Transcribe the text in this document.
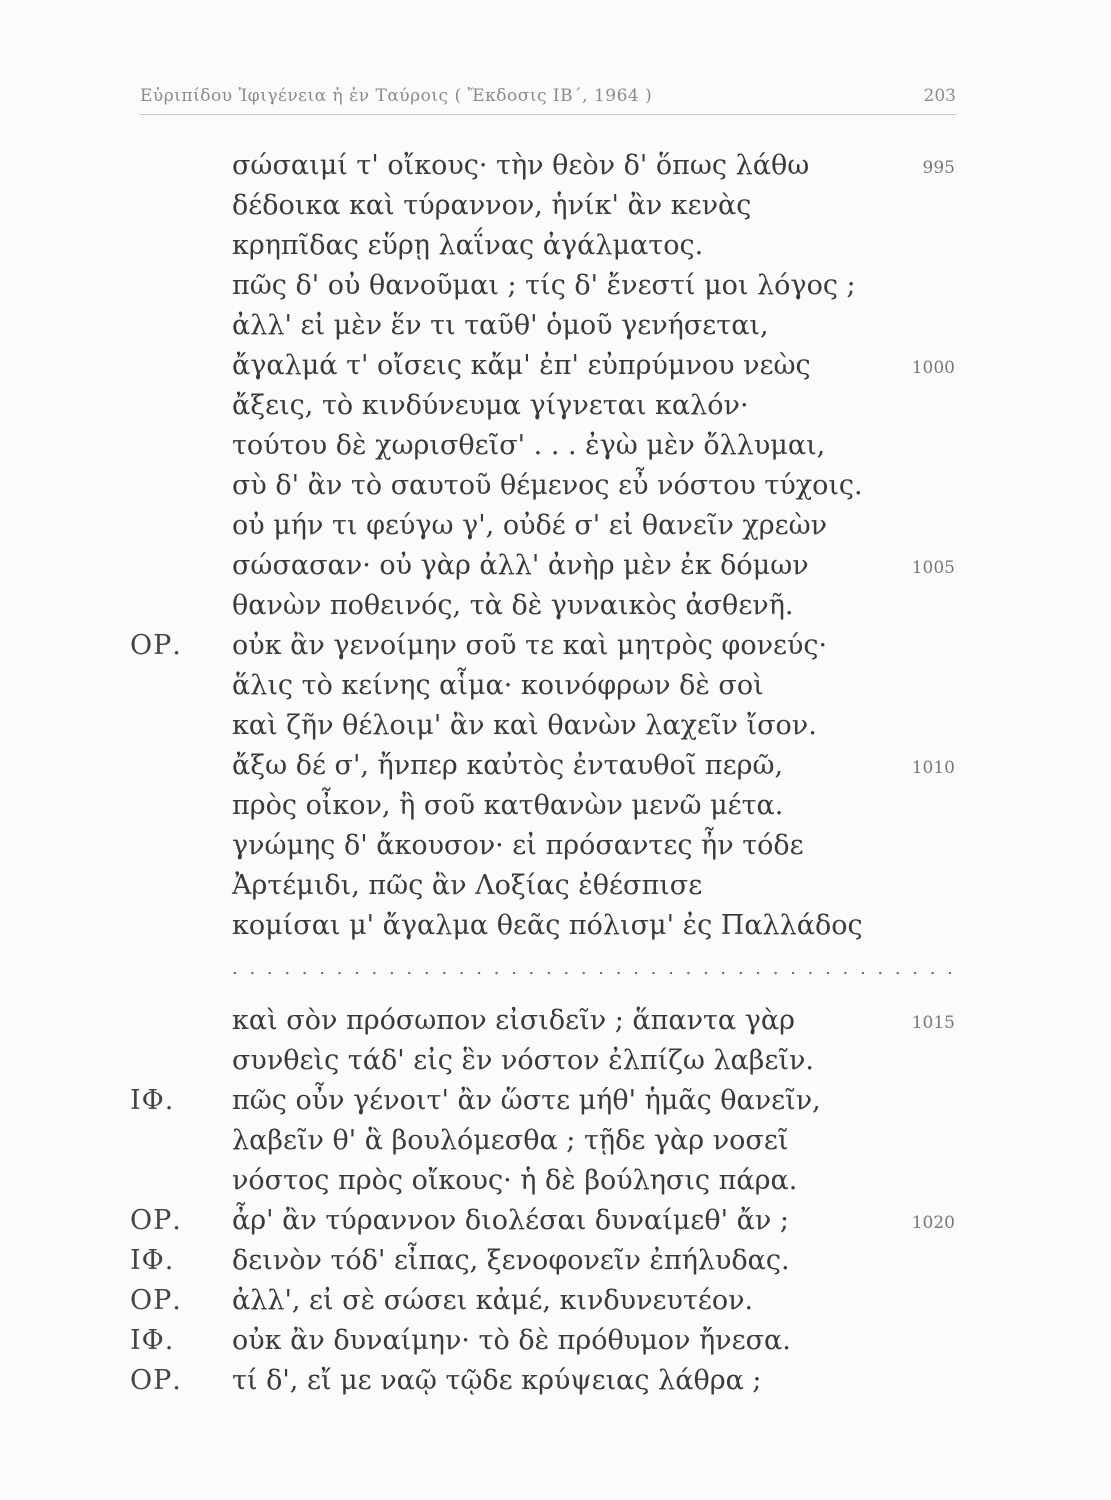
Εὐριπίδου Ἰφιγένεια ἡ ἐν Ταύροις ( Ἔκδοσις ΙΒ΄, 1964 )	203
σώσαιμί τ' οἴκους· τὴν θεὸν δ' ὅπως λάθω	995
δέδοικα καὶ τύραννον, ἡνίκ' ἂν κενὰς
κρηπῖδας εὕρῃ λαΐνας ἀγάλματος.
πῶς δ' οὐ θανοῦμαι ; τίς δ' ἔνεστί μοι λόγος ;
ἀλλ' εἰ μὲν ἕν τι ταῦθ' ὁμοῦ γενήσεται,
ἄγαλμά τ' οἴσεις κἄμ' ἐπ' εὐπρύμνου νεὼς	1000
ἄξεις, τὸ κινδύνευμα γίγνεται καλόν·
τούτου δὲ χωρισθεῖσ' . . . ἐγὼ μὲν ὄλλυμαι,
σὺ δ' ἂν τὸ σαυτοῦ θέμενος εὖ νόστου τύχοις.
οὐ μήν τι φεύγω γ', οὐδέ σ' εἰ θανεῖν χρεὼν
σώσασαν· οὐ γὰρ ἀλλ' ἀνὴρ μὲν ἐκ δόμων	1005
θανὼν ποθεινός, τὰ δὲ γυναικὸς ἀσθενῆ.
ΟΡ. οὐκ ἂν γενοίμην σοῦ τε καὶ μητρὸς φονεύς·
ἅλις τὸ κείνης αἷμα· κοινόφρων δὲ σοὶ
καὶ ζῆν θέλοιμ' ἂν καὶ θανὼν λαχεῖν ἴσον.
ἄξω δέ σ', ἤνπερ καὐτὸς ἐνταυθοῖ περῶ,	1010
πρὸς οἶκον, ἢ σοῦ κατθανὼν μενῶ μέτα.
γνώμης δ' ἄκουσον· εἰ πρόσαντες ἦν τόδε
Ἀρτέμιδι, πῶς ἂν Λοξίας ἐθέσπισε
κομίσαι μ' ἄγαλμα θεᾶς πόλισμ' ἐς Παλλάδος
. . . . . . . . . . . . . . . . . . . . . . . . . . . . . . . . . . . . . . . . . .
καὶ σὸν πρόσωπον εἰσιδεῖν ; ἅπαντα γὰρ	1015
συνθεὶς τάδ' εἰς ἓν νόστον ἐλπίζω λαβεῖν.
ΙΦ. πῶς οὖν γένοιτ' ἂν ὥστε μήθ' ἡμᾶς θανεῖν,
λαβεῖν θ' ἃ βουλόμεσθα ; τῇδε γὰρ νοσεῖ
νόστος πρὸς οἴκους· ἡ δὲ βούλησις πάρα.
ΟΡ. ἆρ' ἂν τύραννον διολέσαι δυναίμεθ' ἄν ;	1020
ΙΦ. δεινὸν τόδ' εἶπας, ξενοφονεῖν ἐπήλυδας.
ΟΡ. ἀλλ', εἰ σὲ σώσει κἀμέ, κινδυνευτέον.
ΙΦ. οὐκ ἂν δυναίμην· τὸ δὲ πρόθυμον ἤνεσα.
ΟΡ. τί δ', εἴ με ναῷ τῷδε κρύψειας λάθρα ;
